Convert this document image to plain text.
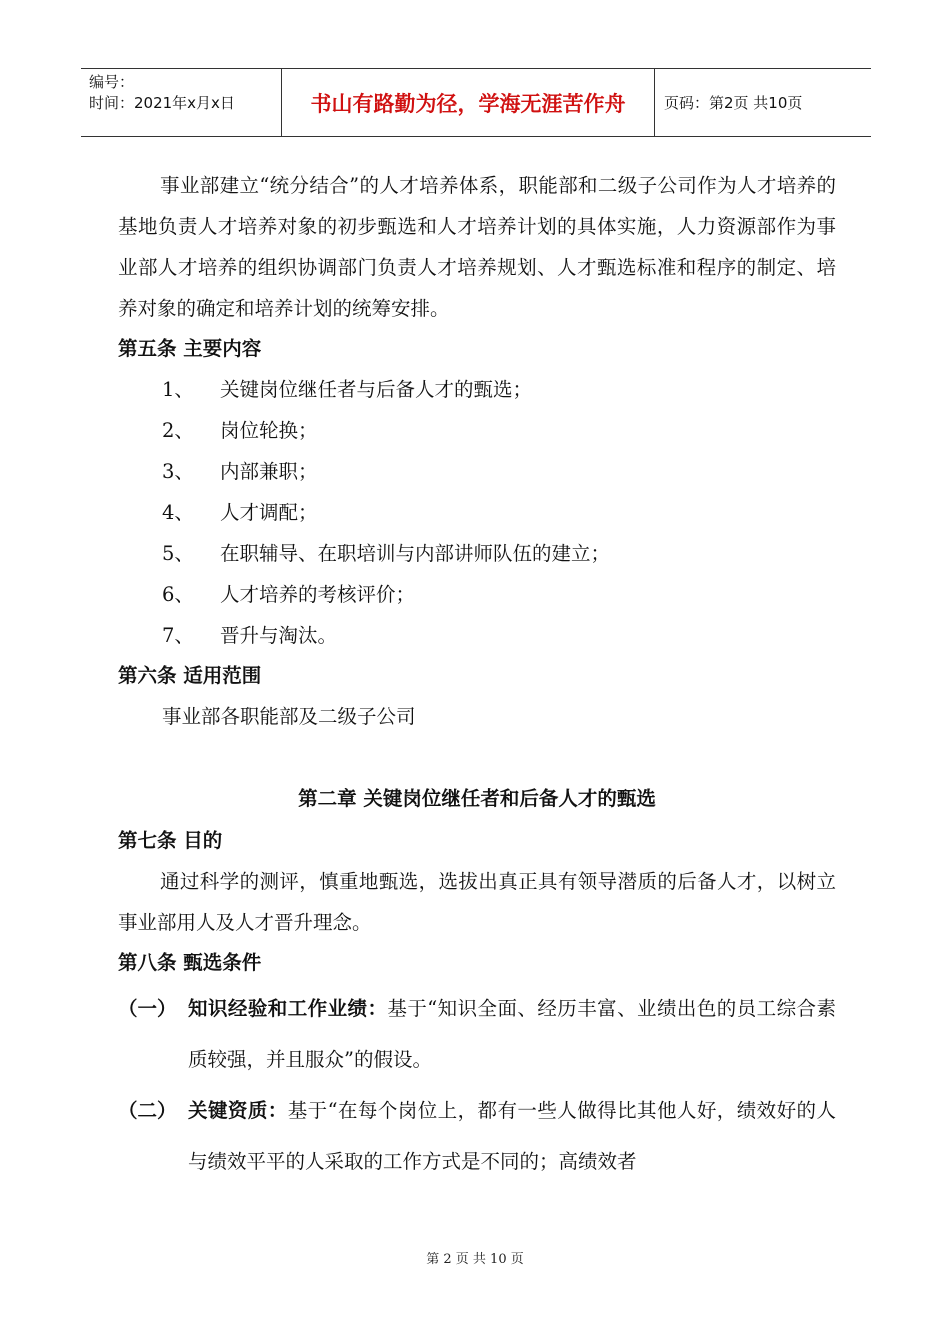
编号：
时间：2021年x月x日	书山有路勤为径，学海无涯苦作舟	页码：第2页 共10页

事业部建立“统分结合”的人才培养体系，职能部和二级子公司作为人才培养的基地负责人才培养对象的初步甄选和人才培养计划的具体实施，人力资源部作为事业部人才培养的组织协调部门负责人才培养规划、人才甄选标准和程序的制定、培养对象的确定和培养计划的统筹安排。

第五条 主要内容
1、	关键岗位继任者与后备人才的甄选；
2、	岗位轮换；
3、	内部兼职；
4、	人才调配；
5、	在职辅导、在职培训与内部讲师队伍的建立；
6、	人才培养的考核评价；
7、	晋升与淘汰。
第六条 适用范围
事业部各职能部及二级子公司
第二章 关键岗位继任者和后备人才的甄选
第七条 目的

通过科学的测评，慎重地甄选，选拔出真正具有领导潜质的后备人才，以树立事业部用人及人才晋升理念。

第八条 甄选条件
（一） 知识经验和工作业绩：基于“知识全面、经历丰富、业绩出色的员工综合素质较强，并且服众”的假设。
（二） 关键资质：基于“在每个岗位上，都有一些人做得比其他人好，绩效好的人与绩效平平的人采取的工作方式是不同的；高绩效者
第 2 页 共 10 页
